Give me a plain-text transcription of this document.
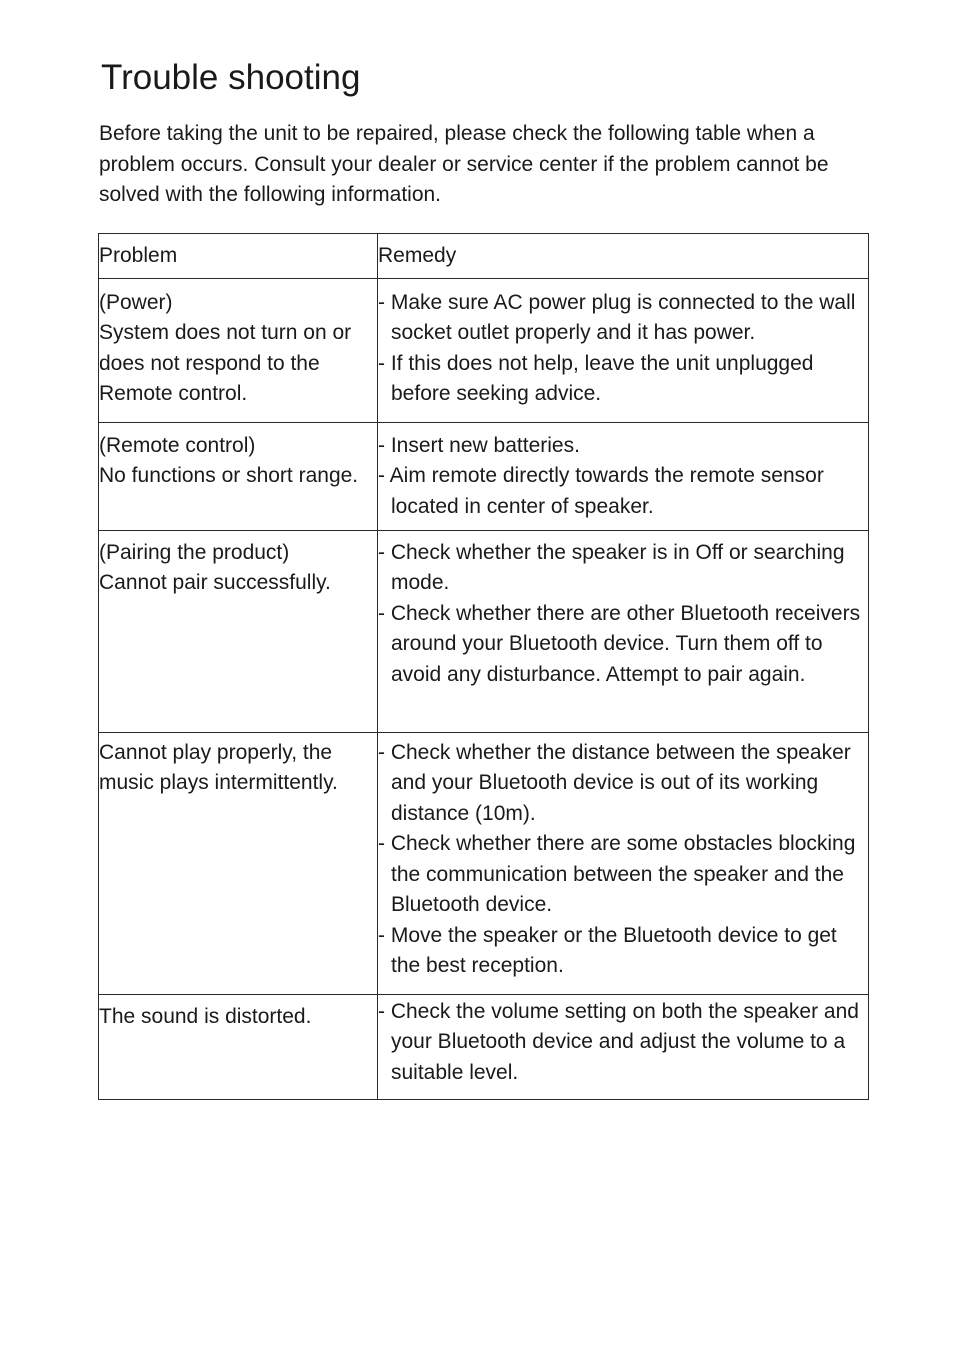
Trouble shooting

Before taking the unit to be repaired, please check the following table when a problem occurs. Consult your dealer or service center if the problem cannot be solved with the following information.

Problem	Remedy

(Power)
System does not turn on or does not respond to the Remote control.	- Make sure AC power plug is connected to the wall socket outlet properly and it has power.
- If this does not help, leave the unit unplugged before seeking advice.

(Remote control)
No functions or short range.	- Insert new batteries.
- Aim remote directly towards the remote sensor located in center of speaker.

(Pairing the product)
Cannot pair successfully.	- Check whether the speaker is in Off or searching mode.
- Check whether there are other Bluetooth receivers around your Bluetooth device. Turn them off to avoid any disturbance. Attempt to pair again.

Cannot play properly, the music plays intermittently.	- Check whether the distance between the speaker and your Bluetooth device is out of its working distance (10m).
- Check whether there are some obstacles blocking the communication between the speaker and the Bluetooth device.
- Move the speaker or the Bluetooth device to get the best reception.

The sound is distorted.	- Check the volume setting on both the speaker and your Bluetooth device and adjust the volume to a suitable level.
